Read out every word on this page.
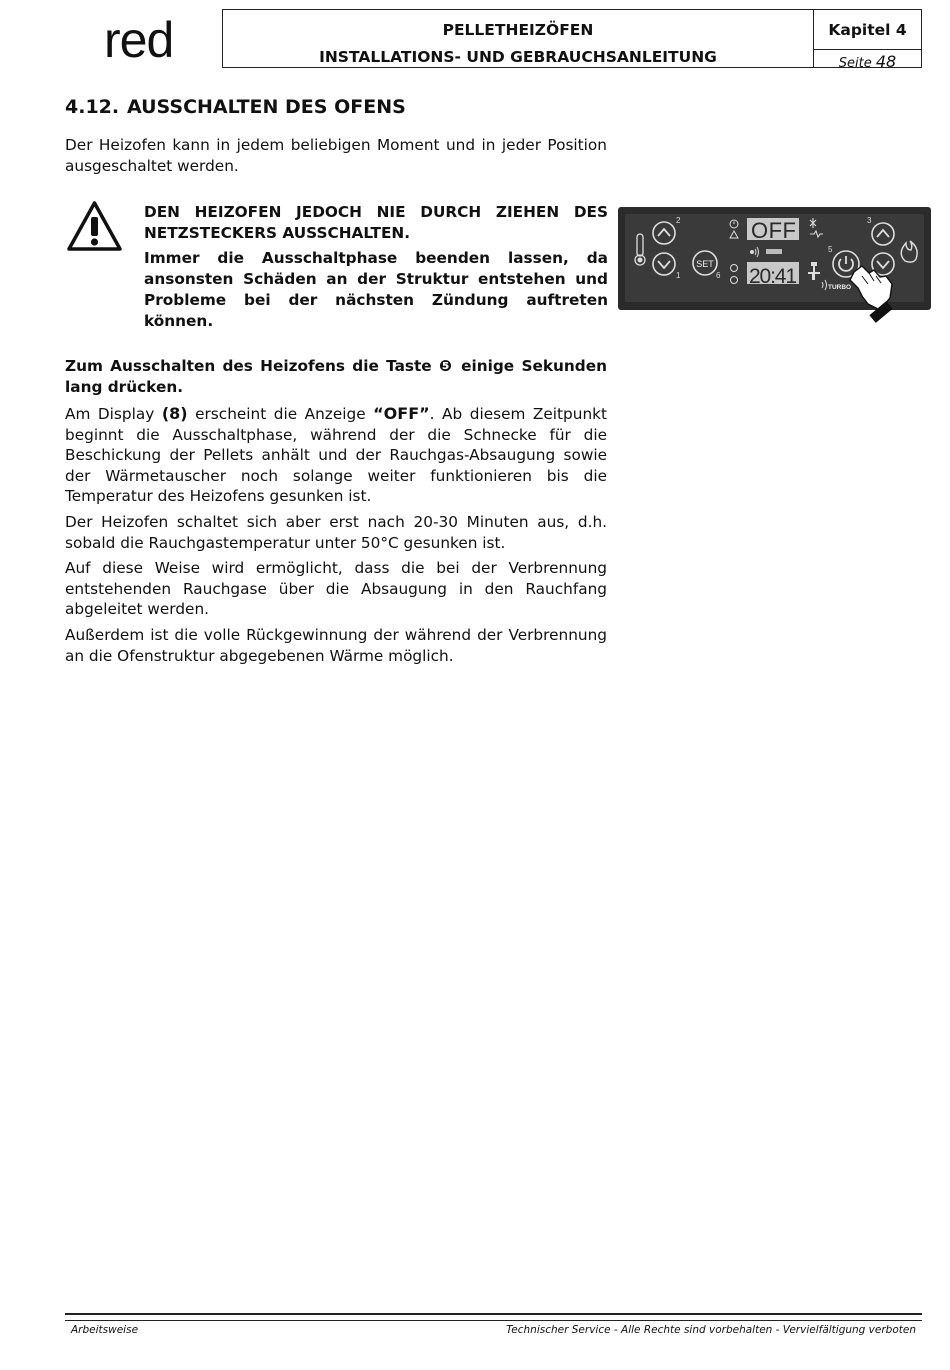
red	PELLETHEIZÖFEN
INSTALLATIONS- UND GEBRAUCHSANLEITUNG
Kapitel 4
Seite 48
4.12. AUSSCHALTEN DES OFENS
Der Heizofen kann in jedem beliebigen Moment und in jeder Position ausgeschaltet werden.
DEN HEIZOFEN JEDOCH NIE DURCH ZIEHEN DES NETZSTECKERS AUSSCHALTEN.
Immer die Ausschaltphase beenden lassen, da ansonsten Schäden an der Struktur entstehen und Probleme bei der nächsten Zündung auftreten können.
SET
OFF
20:41	TURBO
2
1
3
5
6
Zum Ausschalten des Heizofens die Taste ❺ einige Sekunden lang drücken.
Am Display (8) erscheint die Anzeige “OFF”. Ab diesem Zeitpunkt beginnt die Ausschaltphase, während der die Schnecke für die Beschickung der Pellets anhält und der Rauchgas-Absaugung sowie der Wärmetauscher noch solange weiter funktionieren bis die Temperatur des Heizofens gesunken ist.
Der Heizofen schaltet sich aber erst nach 20-30 Minuten aus, d.h. sobald die Rauchgastemperatur unter 50°C gesunken ist.
Auf diese Weise wird ermöglicht, dass die bei der Verbrennung entstehenden Rauchgase über die Absaugung in den Rauchfang abgeleitet werden.
Außerdem ist die volle Rückgewinnung der während der Verbrennung an die Ofenstruktur abgegebenen Wärme möglich.
Arbeitsweise	Technischer Service - Alle Rechte sind vorbehalten - Vervielfältigung verboten
